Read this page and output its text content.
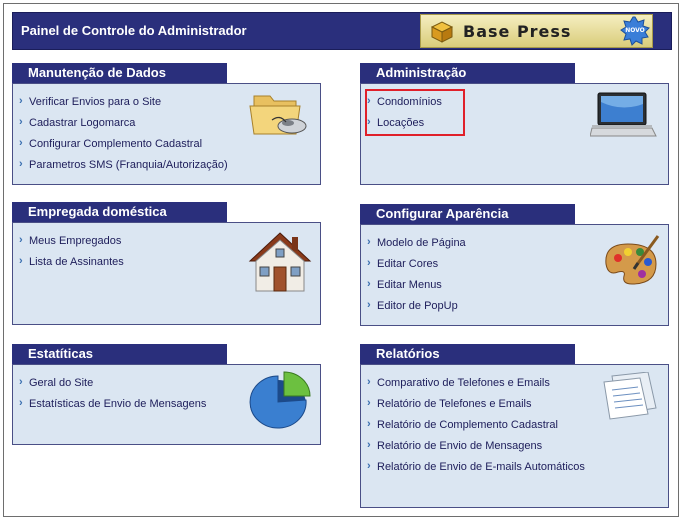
Painel de Controle do Administrador	Base Press	NOVO
Manutenção de Dados
› Verificar Envios para o Site
› Cadastrar Logomarca
› Configurar Complemento Cadastral
› Parametros SMS (Franquia/Autorização)
Administração
› Condomínios
› Locações
Empregada doméstica
› Meus Empregados
› Lista de Assinantes
Configurar Aparência
› Modelo de Página
› Editar Cores
› Editar Menus
› Editor de PopUp
Estatíticas
› Geral do Site
› Estatísticas de Envio de Mensagens
Relatórios
› Comparativo de Telefones e Emails
› Relatório de Telefones e Emails
› Relatório de Complemento Cadastral
› Relatório de Envio de Mensagens
› Relatório de Envio de E-mails Automáticos
